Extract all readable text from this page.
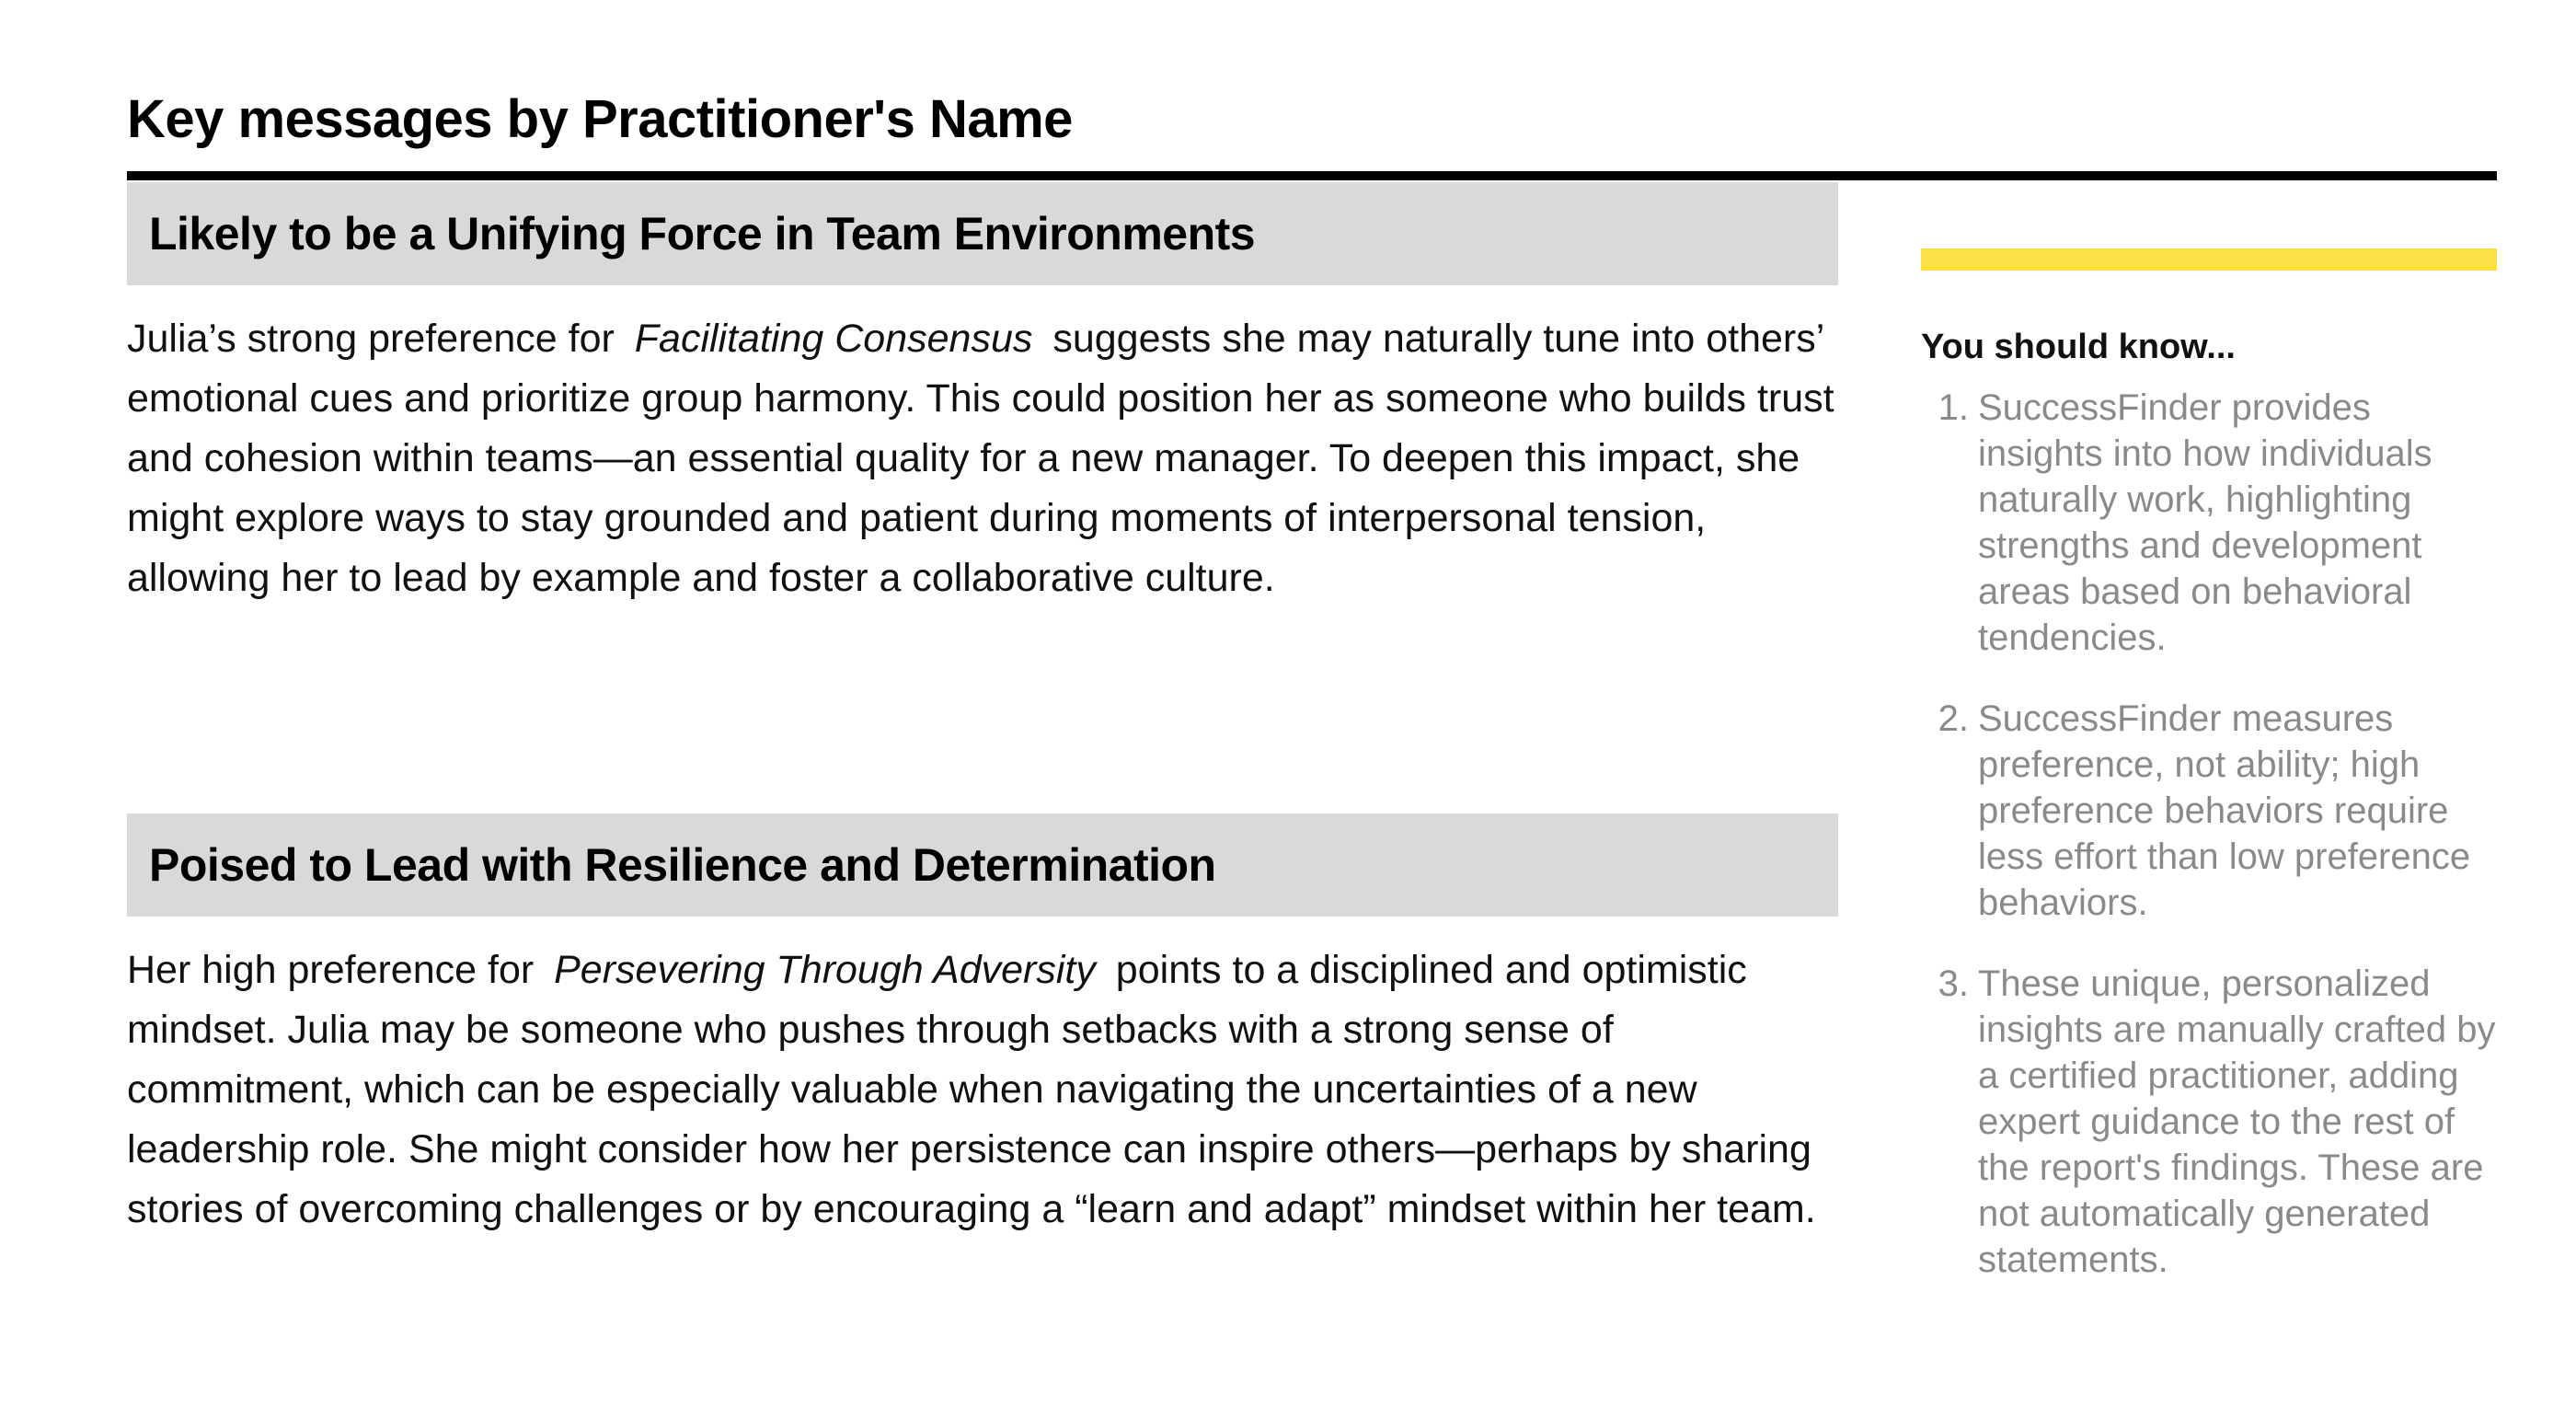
Key messages by Practitioner's Name
Likely to be a Unifying Force in Team Environments

Julia’s strong preference for Facilitating Consensus suggests she may naturally tune into others’ emotional cues and prioritize group harmony. This could position her as someone who builds trust and cohesion within teams—an essential quality for a new manager. To deepen this impact, she might explore ways to stay grounded and patient during moments of interpersonal tension, allowing her to lead by example and foster a collaborative culture.

Poised to Lead with Resilience and Determination

Her high preference for Persevering Through Adversity points to a disciplined and optimistic mindset. Julia may be someone who pushes through setbacks with a strong sense of commitment, which can be especially valuable when navigating the uncertainties of a new leadership role. She might consider how her persistence can inspire others—perhaps by sharing stories of overcoming challenges or by encouraging a “learn and adapt” mindset within her team.

You should know...
1. SuccessFinder provides insights into how individuals naturally work, highlighting strengths and development areas based on behavioral tendencies.
2. SuccessFinder measures preference, not ability; high preference behaviors require less effort than low preference behaviors.
3. These unique, personalized insights are manually crafted by a certified practitioner, adding expert guidance to the rest of the report's findings. These are not automatically generated statements.
